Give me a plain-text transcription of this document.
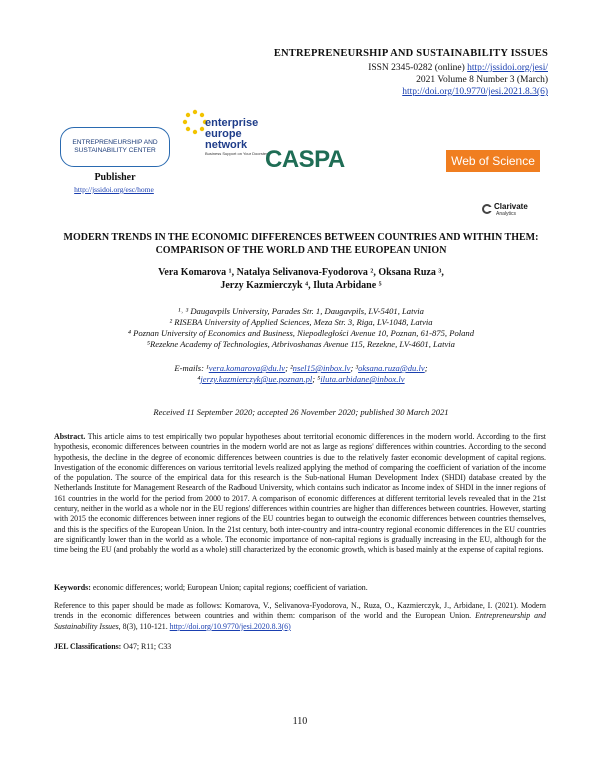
ENTREPRENEURSHIP AND SUSTAINABILITY ISSUES
ISSN 2345-0282 (online) http://jssidoi.org/jesi/
2021 Volume 8 Number 3 (March)
http://doi.org/10.9770/jesi.2021.8.3(6)
ENTREPRENEURSHIP AND SUSTAINABILITY CENTER
Publisher
http://jssidoi.org/esc/home
enterprise
europe
network
Business Support on Your Doorstep
CASPA	Web of Science
Clarivate
Analytics
MODERN TRENDS IN THE ECONOMIC DIFFERENCES BETWEEN COUNTRIES AND WITHIN THEM: COMPARISON OF THE WORLD AND THE EUROPEAN UNION
Vera Komarova ¹, Natalya Selivanova-Fyodorova ², Oksana Ruza ³,
Jerzy Kazmierczyk ⁴, Iluta Arbidane ⁵
¹˒ ³ Daugavpils University, Parades Str. 1, Daugavpils, LV-5401, Latvia
² RISEBA University of Applied Sciences, Meza Str. 3, Riga, LV-1048, Latvia
⁴ Poznan University of Economics and Business, Niepodległości Avenue 10, Poznan, 61-875, Poland
⁵Rezekne Academy of Technologies, Atbrivoshanas Avenue 115, Rezekne, LV-4601, Latvia
E-mails: ¹vera.komarova@du.lv; ²nsel15@inbox.lv; ³oksana.ruza@du.lv;
⁴jerzy.kazmierczyk@ue.poznan.pl; ⁵iluta.arbidane@inbox.lv
Received 11 September 2020; accepted 26 November 2020; published 30 March 2021
Abstract. This article aims to test empirically two popular hypotheses about territorial economic differences in the modern world. According to the first hypothesis, economic differences between countries in the modern world are not as large as regions' differences within countries. According to the second hypothesis, the decline in the degree of economic differences between countries is due to the relatively faster economic development of capital regions. Investigation of the economic differences on various territorial levels realized applying the method of comparing the coefficient of variation of the income of the population. The source of the empirical data for this research is the Sub-national Human Development Index (SHDI) database created by the Netherlands Institute for Management Research of the Radboud University, which contains such indicator as Income index of SHDI in the inner regions of 161 countries in the world for the period from 2000 to 2017. A comparison of economic differences at different territorial levels revealed that in the 21st century, neither in the world as a whole nor in the EU regions' differences within countries are higher than differences between countries. However, starting with 2015 the economic differences between inner regions of the EU countries began to outweigh the economic differences between countries themselves, and this is the specifics of the European Union. In the 21st century, both inter-country and intra-country regional economic differences in the EU countries are significantly lower than in the world as a whole. The economic importance of non-capital regions is gradually increasing in the EU, although for the time being the EU (and probably the world as a whole) still characterized by the economic growth, which is based mainly at the expense of capital regions.
Keywords: economic differences; world; European Union; capital regions; coefficient of variation.
Reference to this paper should be made as follows: Komarova, V., Selivanova-Fyodorova, N., Ruza, O., Kazmierczyk, J., Arbidane, I. (2021). Modern trends in the economic differences between countries and within them: comparison of the world and the European Union. Entrepreneurship and Sustainability Issues, 8(3), 110-121. http://doi.org/10.9770/jesi.2020.8.3(6)
JEL Classifications: O47; R11; C33
110
